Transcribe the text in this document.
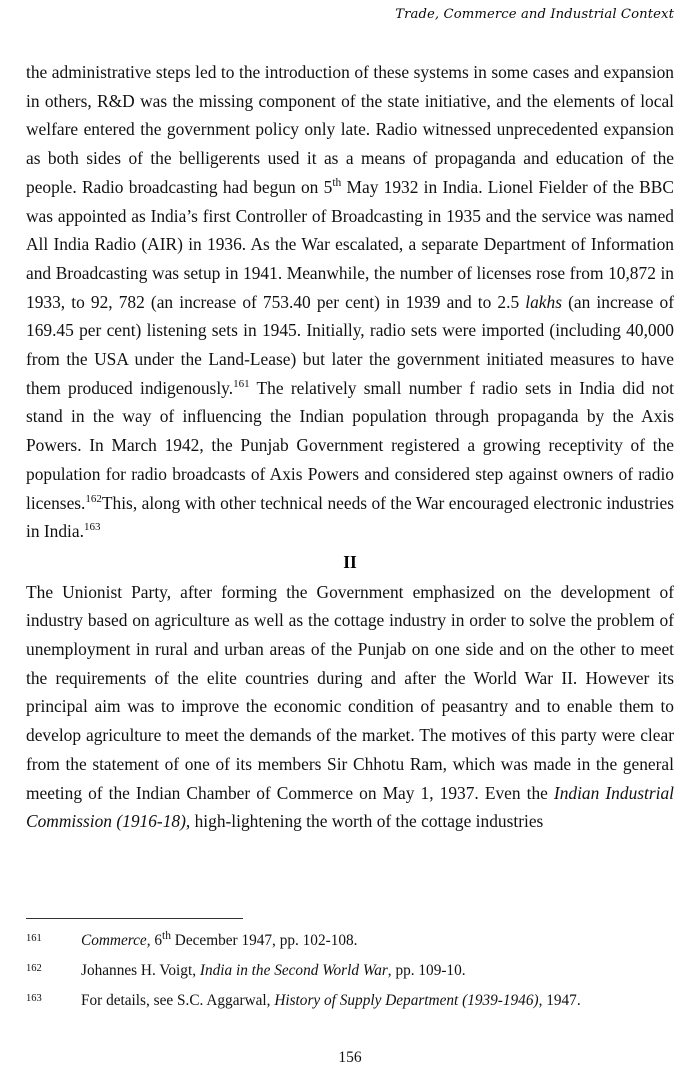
Trade, Commerce and Industrial Context

the administrative steps led to the introduction of these systems in some cases and expansion in others, R&D was the missing component of the state initiative, and the elements of local welfare entered the government policy only late. Radio witnessed unprecedented expansion as both sides of the belligerents used it as a means of propaganda and education of the people. Radio broadcasting had begun on 5th May 1932 in India. Lionel Fielder of the BBC was appointed as India’s first Controller of Broadcasting in 1935 and the service was named All India Radio (AIR) in 1936. As the War escalated, a separate Department of Information and Broadcasting was setup in 1941. Meanwhile, the number of licenses rose from 10,872 in 1933, to 92, 782 (an increase of 753.40 per cent) in 1939 and to 2.5 lakhs (an increase of 169.45 per cent) listening sets in 1945. Initially, radio sets were imported (including 40,000 from the USA under the Land-Lease) but later the government initiated measures to have them produced indigenously.$^{161}$ The relatively small number f radio sets in India did not stand in the way of influencing the Indian population through propaganda by the Axis Powers. In March 1942, the Punjab Government registered a growing receptivity of the population for radio broadcasts of Axis Powers and considered step against owners of radio licenses.$^{162}$This, along with other technical needs of the War encouraged electronic industries in India.$^{163}$

II

The Unionist Party, after forming the Government emphasized on the development of industry based on agriculture as well as the cottage industry in order to solve the problem of unemployment in rural and urban areas of the Punjab on one side and on the other to meet the requirements of the elite countries during and after the World War II. However its principal aim was to improve the economic condition of peasantry and to enable them to develop agriculture to meet the demands of the market. The motives of this party were clear from the statement of one of its members Sir Chhotu Ram, which was made in the general meeting of the Indian Chamber of Commerce on May 1, 1937. Even the Indian Industrial Commission (1916-18), high-lightening the worth of the cottage industries

161	Commerce, 6th December 1947, pp. 102-108.
162	Johannes H. Voigt, India in the Second World War, pp. 109-10.
163	For details, see S.C. Aggarwal, History of Supply Department (1939-1946), 1947.
156
